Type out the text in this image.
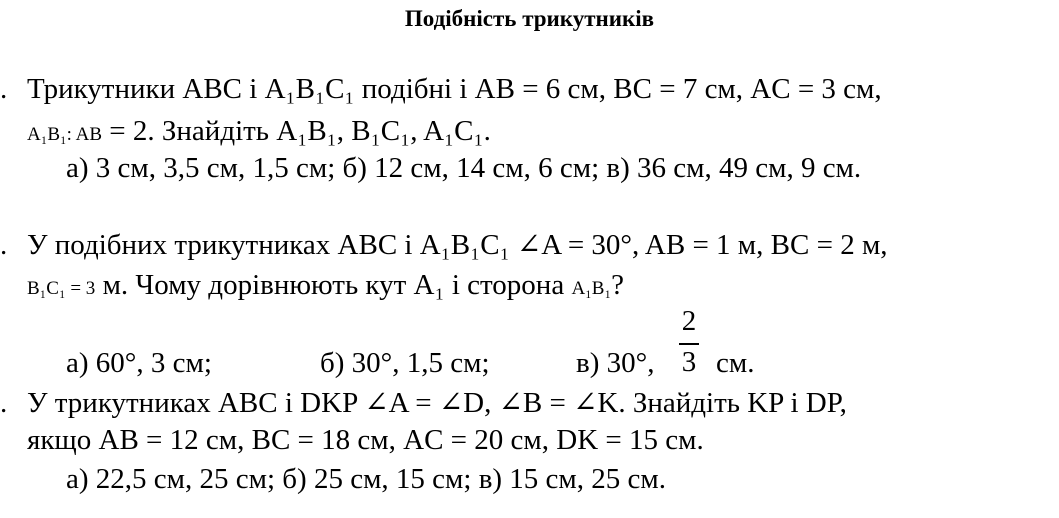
Подібність трикутників
. Трикутники ABC і A₁B₁C₁ подібні і AB = 6 см, BC = 7 см, AC = 3 см,
A₁B₁: AB = 2. Знайдіть A₁B₁, B₁C₁, A₁C₁.
а) 3 см, 3,5 см, 1,5 см; б) 12 см, 14 см, 6 см; в) 36 см, 49 см, 9 см.
. У подібних трикутниках ABC і A₁B₁C₁ ∠A = 30°, AB = 1 м, BC = 2 м,
B₁C₁ = 3 м. Чому дорівнюють кут A₁ і сторона A₁B₁?
а) 60°, 3 см;	б) 30°, 1,5 см;	в) 30°,
2
3 см.
. У трикутниках ABC і DKP ∠A = ∠D, ∠B = ∠K. Знайдіть KP і DP,
якщо AB = 12 см, BC = 18 см, AC = 20 см, DK = 15 см.
а) 22,5 см, 25 см; б) 25 см, 15 см; в) 15 см, 25 см.
